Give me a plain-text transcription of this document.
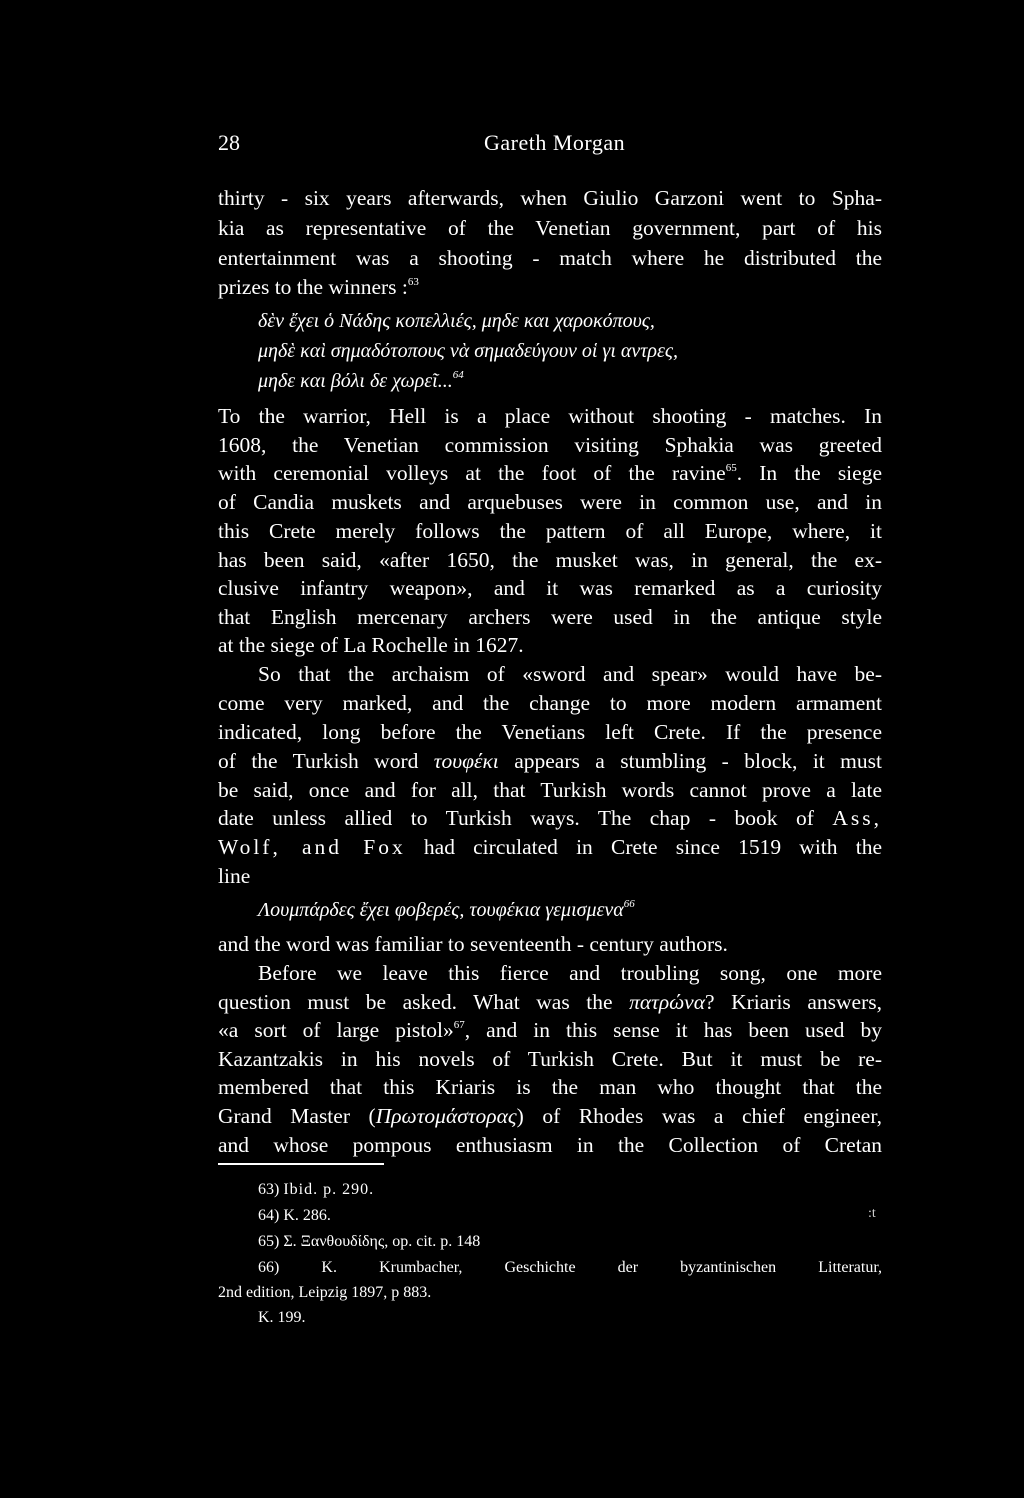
28	Gareth Morgan
thirty - six years afterwards, when Giulio Garzoni went to Spha-
kia as representative of the Venetian government, part of his
entertainment was a shooting - match where he distributed the
prizes to the winners :$^{63}$
δὲν ἔχει ὁ Νάδης κοπελλιές, μηδε και χαροκόπους,
μηδὲ καὶ σημαδότοπους νὰ σημαδεύγουν οἱ γι αντρες,
μηδε και βόλι δε χωρεῖ...$^{64}$
To the warrior, Hell is a place without shooting - matches. In
1608, the Venetian commission visiting Sphakia was greeted
with ceremonial volleys at the foot of the ravine$^{65}$. In the siege
of Candia muskets and arquebuses were in common use, and in
this Crete merely follows the pattern of all Europe, where, it
has been said, «after 1650, the musket was, in general, the ex-
clusive infantry weapon», and it was remarked as a curiosity
that English mercenary archers were used in the antique style
at the siege of La Rochelle in 1627.
So that the archaism of «sword and spear» would have be-
come very marked, and the change to more modern armament
indicated, long before the Venetians left Crete. If the presence
of the Turkish word τουφέκι appears a stumbling - block, it must
be said, once and for all, that Turkish words cannot prove a late
date unless allied to Turkish ways. The chap - book of Ass,
Wolf, and Fox had circulated in Crete since 1519 with the
line
Λουμπάρδες ἔχει φοβερές, τουφέκια γεμισμενα$^{66}$
and the word was familiar to seventeenth - century authors.
Before we leave this fierce and troubling song, one more
question must be asked. What was the πατρώνα? Kriaris answers,
«a sort of large pistol»$^{67}$, and in this sense it has been used by
Kazantzakis in his novels of Turkish Crete. But it must be re-
membered that this Kriaris is the man who thought that the
Grand Master (Πρωτομάστορας) of Rhodes was a chief engineer,
and whose pompous enthusiasm in the Collection of Cretan
63) Ibid. p. 290.
64) K. 286.
65) Σ. Ξανθουδίδης, op. cit. p. 148
66) K. Krumbacher, Geschichte der byzantinischen Litteratur,
2nd edition, Leipzig 1897, p 883.
K. 199.
:t
